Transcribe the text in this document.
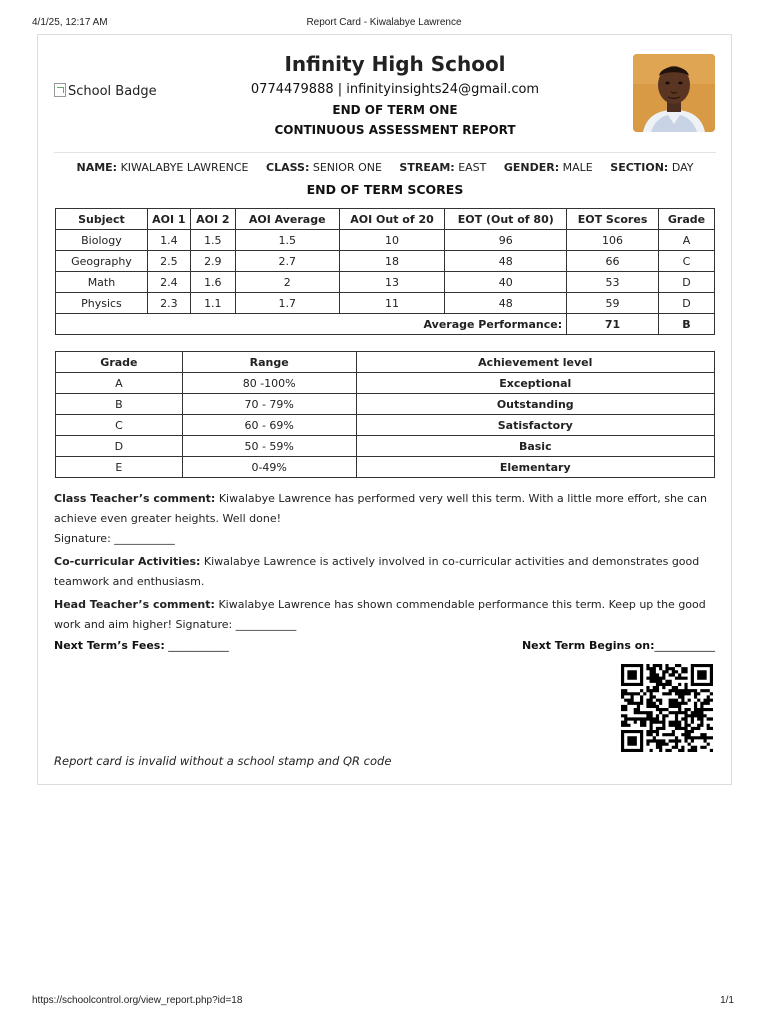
4/1/25, 12:17 AM	Report Card - Kiwalabye Lawrence
School Badge
Infinity High School
0774479888 | infinityinsights24@gmail.com
END OF TERM ONE
CONTINUOUS ASSESSMENT REPORT
NAME: KIWALABYE LAWRENCE CLASS: SENIOR ONE STREAM: EAST GENDER: MALE SECTION: DAY
END OF TERM SCORES
Subject	AOI 1	AOI 2	AOI Average	AOI Out of 20	EOT (Out of 80)	EOT Scores	Grade
Biology	1.4	1.5	1.5	10	96	106	A
Geography	2.5	2.9	2.7	18	48	66	C
Math	2.4	1.6	2	13	40	53	D
Physics	2.3	1.1	1.7	11	48	59	D
Average Performance:						71	B
Grade	Range	Achievement level
A	80 -100%	Exceptional
B	70 - 79%	Outstanding
C	60 - 69%	Satisfactory
D	50 - 59%	Basic
E	0-49%	Elementary

Class Teacher’s comment: Kiwalabye Lawrence has performed very well this term. With a little more effort, she can achieve even greater heights. Well done!

Signature: ___________

Co-curricular Activities: Kiwalabye Lawrence is actively involved in co-curricular activities and demonstrates good teamwork and enthusiasm.

Head Teacher’s comment: Kiwalabye Lawrence has shown commendable performance this term. Keep up the good work and aim higher! Signature: ___________

Next Term’s Fees: ___________	Next Term Begins on:___________
Report card is invalid without a school stamp and QR code
https://schoolcontrol.org/view_report.php?id=18	1/1
